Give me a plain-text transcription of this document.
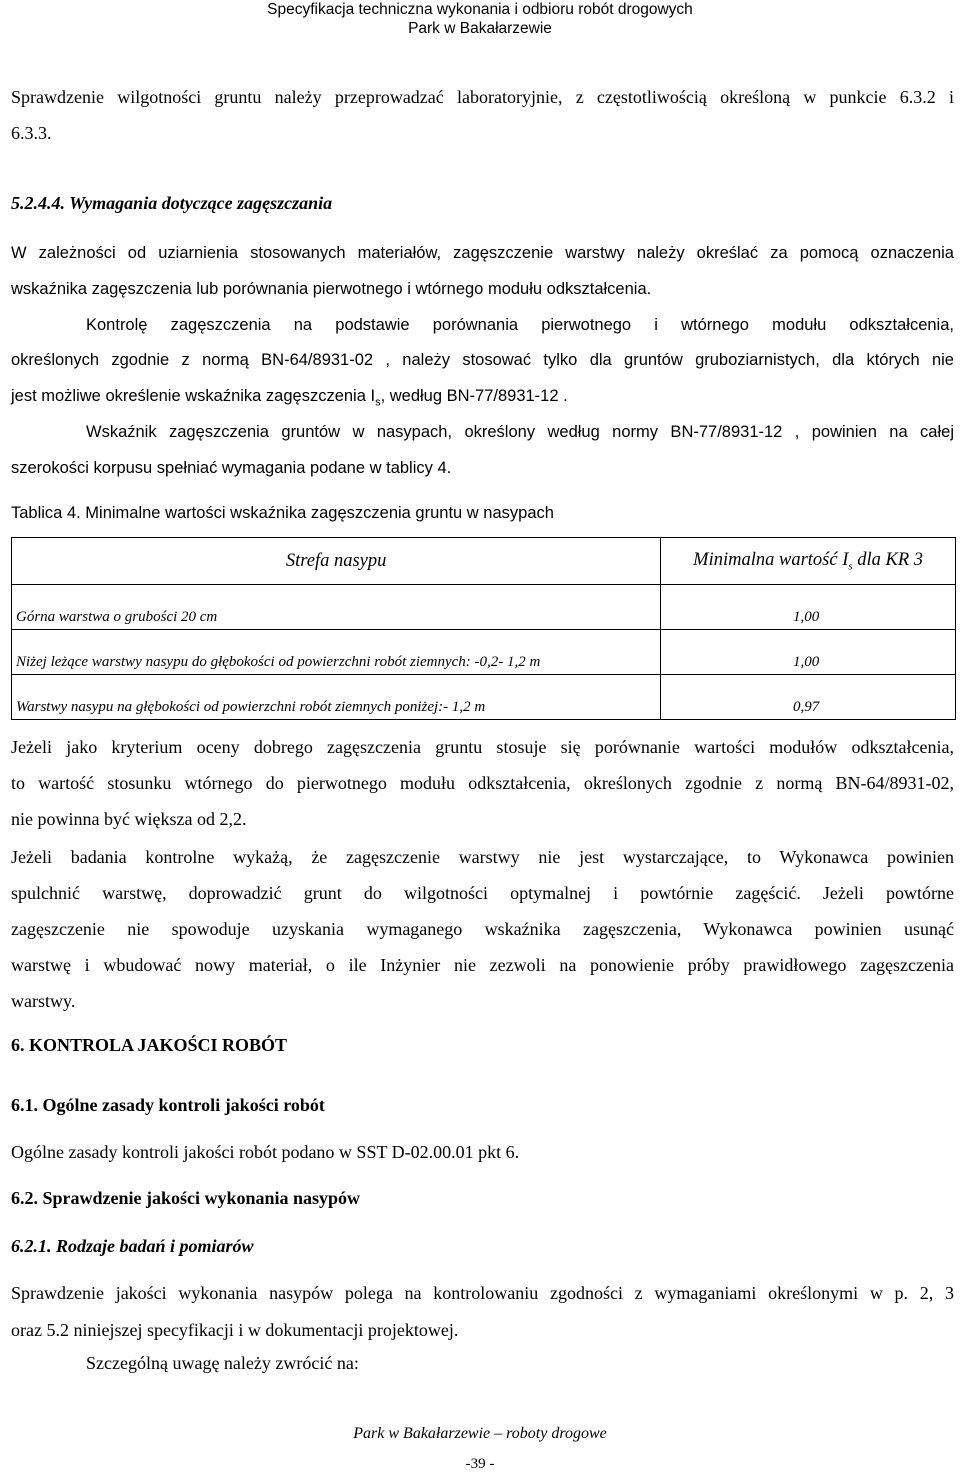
Specyfikacja techniczna wykonania i odbioru robót drogowych
Park w Bakałarzewie
Sprawdzenie wilgotności gruntu należy przeprowadzać laboratoryjnie, z częstotliwością określoną w punkcie 6.3.2 i
6.3.3.
5.2.4.4. Wymagania dotyczące zagęszczania
W zależności od uziarnienia stosowanych materiałów, zagęszczenie warstwy należy określać za pomocą oznaczenia
wskaźnika zagęszczenia lub porównania pierwotnego i wtórnego modułu odkształcenia.
Kontrolę zagęszczenia na podstawie porównania pierwotnego i wtórnego modułu odkształcenia,
określonych zgodnie z normą BN-64/8931-02 , należy stosować tylko dla gruntów gruboziarnistych, dla których nie
jest możliwe określenie wskaźnika zagęszczenia $I_s$, według BN-77/8931-12 .
Wskaźnik zagęszczenia gruntów w nasypach, określony według normy BN-77/8931-12 , powinien na całej
szerokości korpusu spełniać wymagania podane w tablicy 4.
Tablica 4. Minimalne wartości wskaźnika zagęszczenia gruntu w nasypach
Strefa nasypu	Minimalna wartość $I_s$ dla KR 3
Górna warstwa o grubości 20 cm	1,00
Niżej leżące warstwy nasypu do głębokości od powierzchni robót ziemnych: -0,2- 1,2 m	1,00
Warstwy nasypu na głębokości od powierzchni robót ziemnych poniżej:- 1,2 m	0,97
Jeżeli jako kryterium oceny dobrego zagęszczenia gruntu stosuje się porównanie wartości modułów odkształcenia,
to wartość stosunku wtórnego do pierwotnego modułu odkształcenia, określonych zgodnie z normą BN-64/8931-02,
nie powinna być większa od 2,2.
Jeżeli badania kontrolne wykażą, że zagęszczenie warstwy nie jest wystarczające, to Wykonawca powinien
spulchnić warstwę, doprowadzić grunt do wilgotności optymalnej i powtórnie zagęścić. Jeżeli powtórne
zagęszczenie nie spowoduje uzyskania wymaganego wskaźnika zagęszczenia, Wykonawca powinien usunąć
warstwę i wbudować nowy materiał, o ile Inżynier nie zezwoli na ponowienie próby prawidłowego zagęszczenia
warstwy.
6. KONTROLA JAKOŚCI ROBÓT
6.1. Ogólne zasady kontroli jakości robót
Ogólne zasady kontroli jakości robót podano w SST D-02.00.01 pkt 6.
6.2. Sprawdzenie jakości wykonania nasypów
6.2.1. Rodzaje badań i pomiarów
Sprawdzenie jakości wykonania nasypów polega na kontrolowaniu zgodności z wymaganiami określonymi w p. 2, 3
oraz 5.2 niniejszej specyfikacji i w dokumentacji projektowej.
Szczególną uwagę należy zwrócić na:
Park w Bakałarzewie – roboty drogowe
-39 -
